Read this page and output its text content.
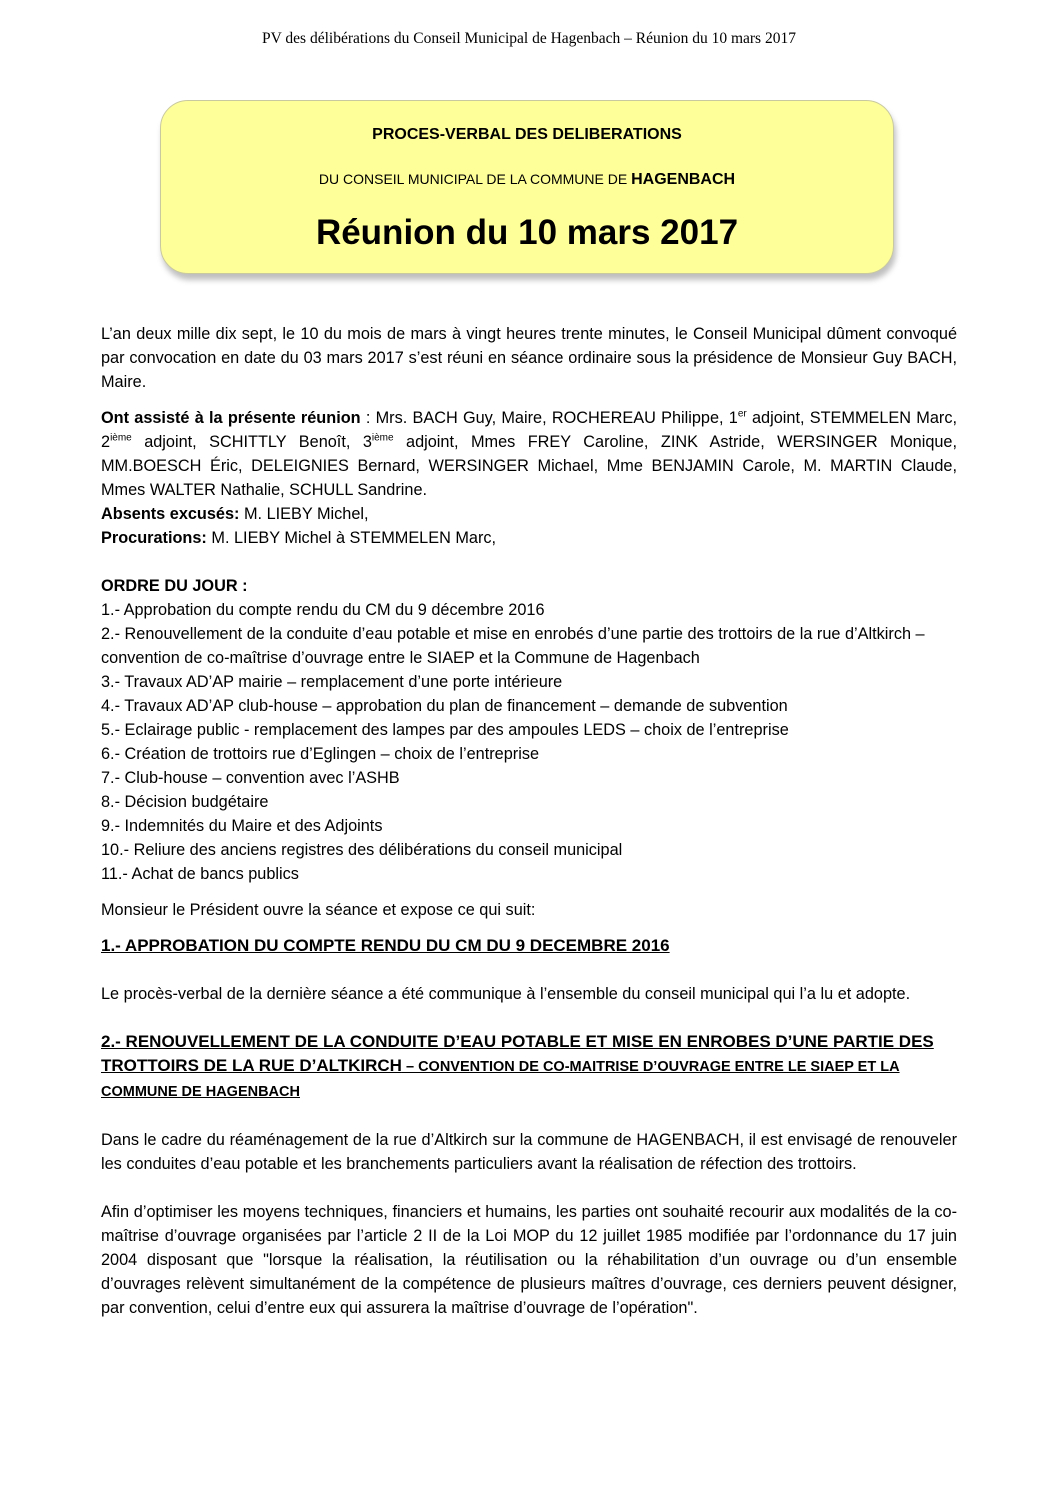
PV des délibérations du Conseil Municipal de Hagenbach – Réunion du 10 mars 2017
PROCES-VERBAL DES DELIBERATIONS
DU CONSEIL MUNICIPAL DE LA COMMUNE DE HAGENBACH
Réunion du 10 mars 2017

L’an deux mille dix sept, le 10 du mois de mars à vingt heures trente minutes, le Conseil Municipal dûment convoqué par convocation en date du 03 mars 2017 s’est réuni en séance ordinaire sous la présidence de Monsieur Guy BACH, Maire.

Ont assisté à la présente réunion : Mrs. BACH Guy, Maire, ROCHEREAU Philippe, 1er adjoint, STEMMELEN Marc, 2ième adjoint, SCHITTLY Benoît, 3ième adjoint, Mmes FREY Caroline, ZINK Astride, WERSINGER Monique, MM.BOESCH Éric, DELEIGNIES Bernard, WERSINGER Michael, Mme BENJAMIN Carole, M. MARTIN Claude, Mmes WALTER Nathalie, SCHULL Sandrine.

Absents excusés: M. LIEBY Michel,

Procurations: M. LIEBY Michel à STEMMELEN Marc,

ORDRE DU JOUR :

1.- Approbation du compte rendu du CM du 9 décembre 2016

2.- Renouvellement de la conduite d’eau potable et mise en enrobés d’une partie des trottoirs de la rue d’Altkirch – convention de co-maîtrise d’ouvrage entre le SIAEP et la Commune de Hagenbach

3.- Travaux AD’AP mairie – remplacement d’une porte intérieure

4.- Travaux AD’AP club-house – approbation du plan de financement – demande de subvention

5.- Eclairage public - remplacement des lampes par des ampoules LEDS – choix de l’entreprise

6.- Création de trottoirs rue d’Eglingen – choix de l’entreprise

7.- Club-house – convention avec l’ASHB

8.- Décision budgétaire

9.- Indemnités du Maire et des Adjoints

10.- Reliure des anciens registres des délibérations du conseil municipal

11.- Achat de bancs publics

Monsieur le Président ouvre la séance et expose ce qui suit:

1.- APPROBATION DU COMPTE RENDU DU CM DU 9 DECEMBRE 2016

Le procès-verbal de la dernière séance a été communique à l’ensemble du conseil municipal qui l’a lu et adopte.

2.- RENOUVELLEMENT DE LA CONDUITE D’EAU POTABLE ET MISE EN ENROBES D’UNE PARTIE DES TROTTOIRS DE LA RUE D’ALTKIRCH – CONVENTION DE CO-MAITRISE D’OUVRAGE ENTRE LE SIAEP ET LA COMMUNE DE HAGENBACH

Dans le cadre du réaménagement de la rue d’Altkirch sur la commune de HAGENBACH, il est envisagé de renouveler les conduites d’eau potable et les branchements particuliers avant la réalisation de réfection des trottoirs.

Afin d’optimiser les moyens techniques, financiers et humains, les parties ont souhaité recourir aux modalités de la co-maîtrise d’ouvrage organisées par l’article 2 II de la Loi MOP du 12 juillet 1985 modifiée par l’ordonnance du 17 juin 2004 disposant que "lorsque la réalisation, la réutilisation ou la réhabilitation d’un ouvrage ou d’un ensemble d’ouvrages relèvent simultanément de la compétence de plusieurs maîtres d’ouvrage, ces derniers peuvent désigner, par convention, celui d’entre eux qui assurera la maîtrise d’ouvrage de l’opération".
